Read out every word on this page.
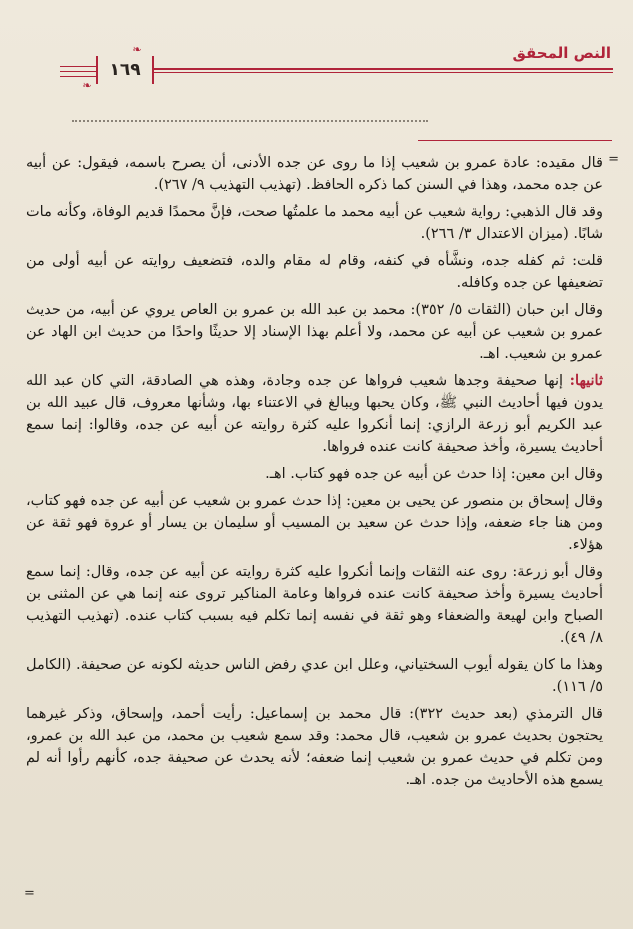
النص المحقق
❧
❧
١٦٩
=
=

قال مقيده: عادة عمرو بن شعيب إذا ما روى عن جده الأدنى، أن يصرح باسمه، فيقول: عن أبيه عن جده محمد، وهذا في السنن كما ذكره الحافظ. (تهذيب التهذيب ٩/ ٢٦٧).

وقد قال الذهبي: رواية شعيب عن أبيه محمد ما علمتُها صحت، فإنَّ محمدًا قديم الوفاة، وكأنه مات شابًا. (ميزان الاعتدال ٣/ ٢٦٦).

قلت: ثم كفله جده، ونشَّأه في كنفه، وقام له مقام والده، فتضعيف روايته عن أبيه أولى من تضعيفها عن جده وكافله.

وقال ابن حبان (الثقات ٥/ ٣٥٢): محمد بن عبد الله بن عمرو بن العاص يروي عن أبيه، من حديث عمرو بن شعيب عن أبيه عن محمد، ولا أعلم بهذا الإسناد إلا حديثًا واحدًا من حديث ابن الهاد عن عمرو بن شعيب. اهـ.

ثانيها: إنها صحيفة وجدها شعيب فرواها عن جده وجادة، وهذه هي الصادقة، التي كان عبد الله يدون فيها أحاديث النبي ﷺ، وكان يحبها ويبالغ في الاعتناء بها، وشأنها معروف، قال عبيد الله بن عبد الكريم أبو زرعة الرازي: إنما أنكروا عليه كثرة روايته عن أبيه عن جده، وقالوا: إنما سمع أحاديث يسيرة، وأخذ صحيفة كانت عنده فرواها.

وقال ابن معين: إذا حدث عن أبيه عن جده فهو كتاب. اهـ.

وقال إسحاق بن منصور عن يحيى بن معين: إذا حدث عمرو بن شعيب عن أبيه عن جده فهو كتاب، ومن هنا جاء ضعفه، وإذا حدث عن سعيد بن المسيب أو سليمان بن يسار أو عروة فهو ثقة عن هؤلاء.

وقال أبو زرعة: روى عنه الثقات وإنما أنكروا عليه كثرة روايته عن أبيه عن جده، وقال: إنما سمع أحاديث يسيرة وأخذ صحيفة كانت عنده فرواها وعامة المناكير تروى عنه إنما هي عن المثنى بن الصباح وابن لهيعة والضعفاء وهو ثقة في نفسه إنما تكلم فيه بسبب كتاب عنده. (تهذيب التهذيب ٨/ ٤٩).

وهذا ما كان يقوله أيوب السختياني، وعلل ابن عدي رفض الناس حديثه لكونه عن صحيفة. (الكامل ٥/ ١١٦).

قال الترمذي (بعد حديث ٣٢٢): قال محمد بن إسماعيل: رأيت أحمد، وإسحاق، وذكر غيرهما يحتجون بحديث عمرو بن شعيب، قال محمد: وقد سمع شعيب بن محمد، من عبد الله بن عمرو، ومن تكلم في حديث عمرو بن شعيب إنما ضعفه؛ لأنه يحدث عن صحيفة جده، كأنهم رأوا أنه لم يسمع هذه الأحاديث من جده. اهـ.
